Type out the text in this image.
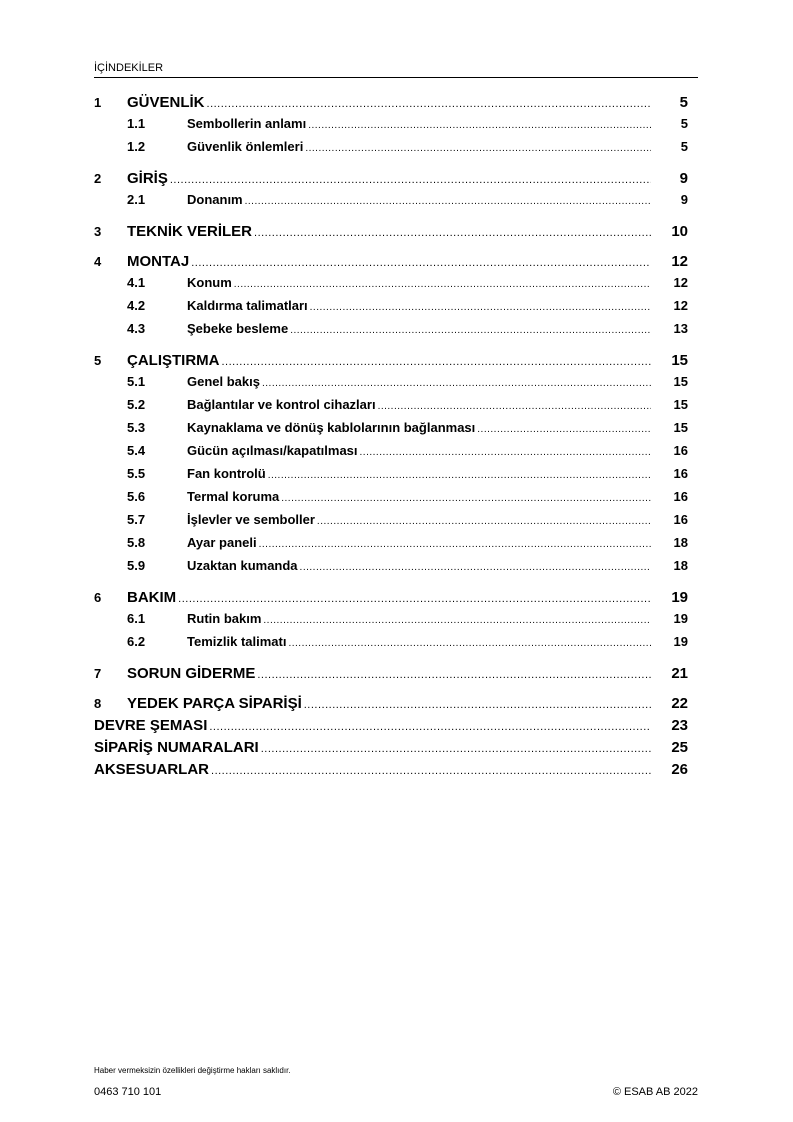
İÇİNDEKİLER
1	GÜVENLİK .....	5
1.1	Sembollerin anlamı .....	5
1.2	Güvenlik önlemleri .....	5
2	GİRİŞ .....	9
2.1	Donanım .....	9
3	TEKNİK VERİLER .....	10
4	MONTAJ .....	12
4.1	Konum .....	12
4.2	Kaldırma talimatları .....	12
4.3	Şebeke besleme .....	13
5	ÇALIŞTIRMA .....	15
5.1	Genel bakış .....	15
5.2	Bağlantılar ve kontrol cihazları .....	15
5.3	Kaynaklama ve dönüş kablolarının bağlanması .....	15
5.4	Gücün açılması/kapatılması .....	16
5.5	Fan kontrolü .....	16
5.6	Termal koruma .....	16
5.7	İşlevler ve semboller .....	16
5.8	Ayar paneli .....	18
5.9	Uzaktan kumanda .....	18
6	BAKIM .....	19
6.1	Rutin bakım .....	19
6.2	Temizlik talimatı .....	19
7	SORUN GİDERME .....	21
8	YEDEK PARÇA SİPARİŞİ .....	22
DEVRE ŞEMASI .....	23
SİPARİŞ NUMARALARI .....	25
AKSESUARLAR .....	26
Haber vermeksizin özellikleri değiştirme hakları saklıdır.
0463 710 101	© ESAB AB 2022
